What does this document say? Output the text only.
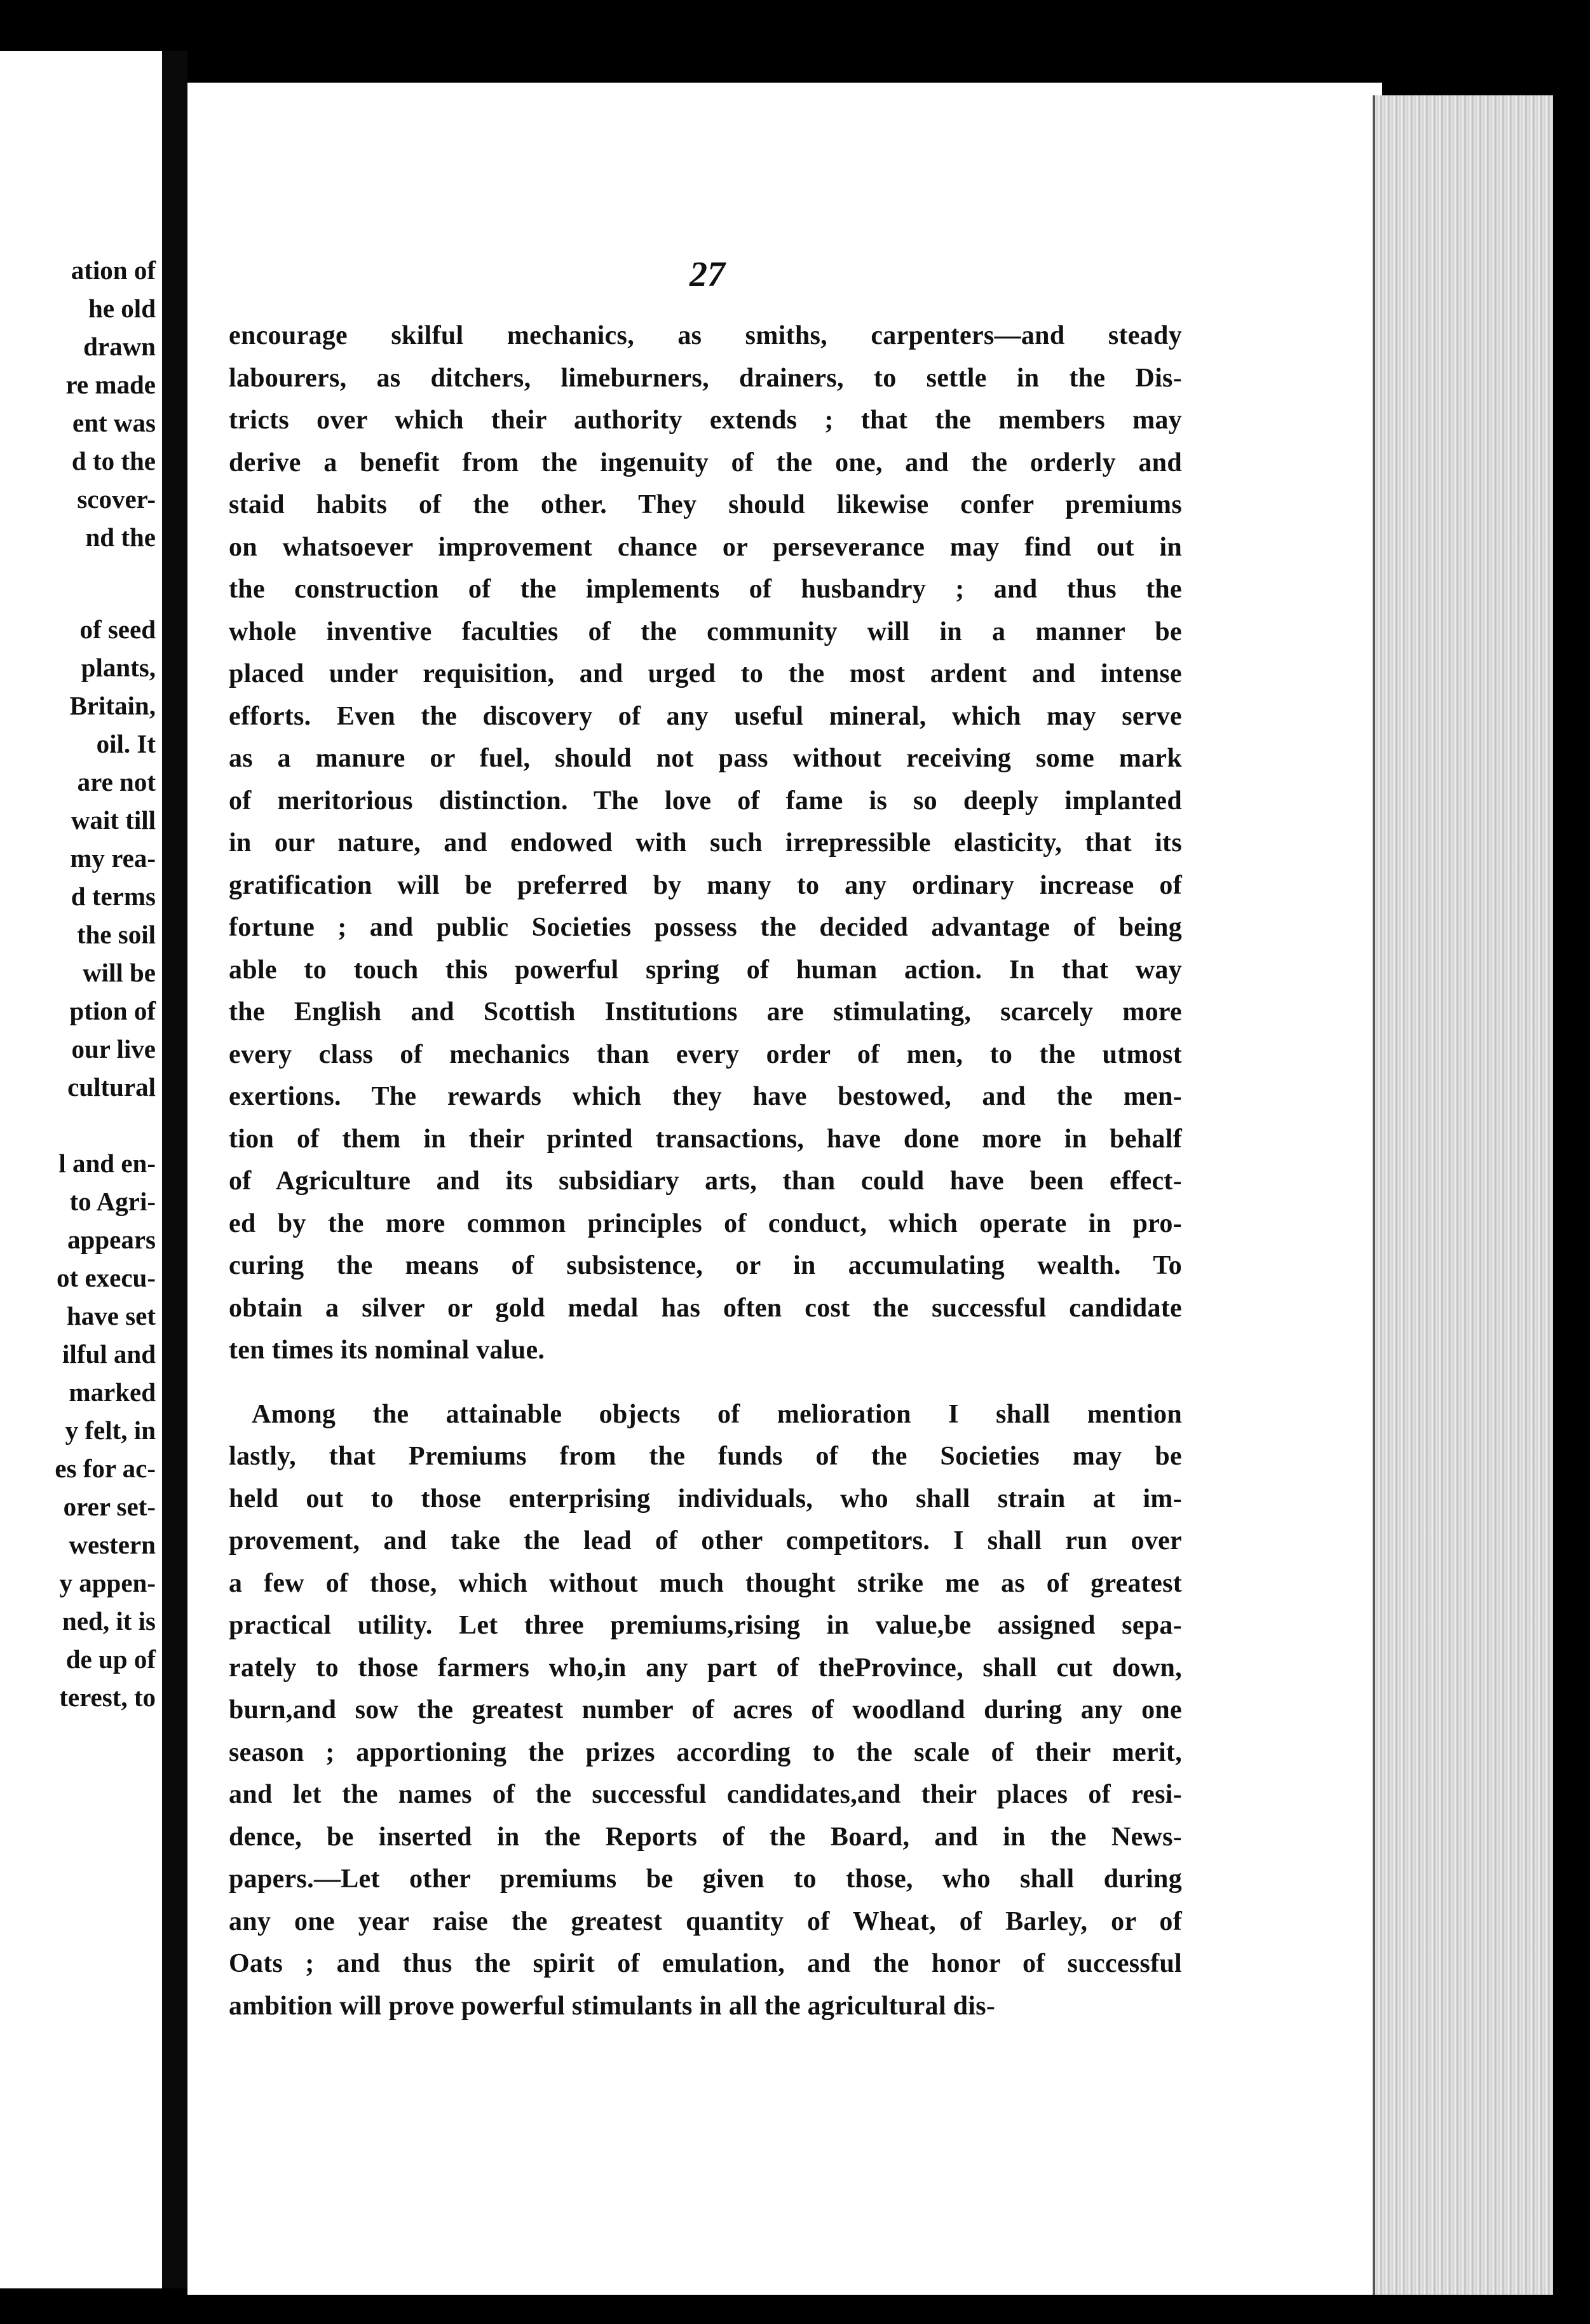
ation of
he old
drawn
re made
ent was
d to the
scover-
nd the
of seed
plants,
Britain,
oil. It
are not
wait till
my rea-
d terms
the soil
will be
ption of
our live
cultural
l and en-
to Agri-
appears
ot execu-
have set
ilful and
marked
y felt, in
es for ac-
orer set-
western
y appen-
ned, it is
de up of
terest, to
27

encourage skilful mechanics, as smiths, carpenters—and steady
labourers, as ditchers, limeburners, drainers, to settle in the Dis-
tricts over which their authority extends ; that the members may
derive a benefit from the ingenuity of the one, and the orderly and
staid habits of the other. They should likewise confer premiums
on whatsoever improvement chance or perseverance may find out in
the construction of the implements of husbandry ; and thus the
whole inventive faculties of the community will in a manner be
placed under requisition, and urged to the most ardent and intense
efforts. Even the discovery of any useful mineral, which may serve
as a manure or fuel, should not pass without receiving some mark
of meritorious distinction. The love of fame is so deeply implanted
in our nature, and endowed with such irrepressible elasticity, that its
gratification will be preferred by many to any ordinary increase of
fortune ; and public Societies possess the decided advantage of being
able to touch this powerful spring of human action. In that way
the English and Scottish Institutions are stimulating, scarcely more
every class of mechanics than every order of men, to the utmost
exertions. The rewards which they have bestowed, and the men-
tion of them in their printed transactions, have done more in behalf
of Agriculture and its subsidiary arts, than could have been effect-
ed by the more common principles of conduct, which operate in pro-
curing the means of subsistence, or in accumulating wealth. To
obtain a silver or gold medal has often cost the successful candidate
ten times its nominal value.

Among the attainable objects of melioration I shall mention
lastly, that Premiums from the funds of the Societies may be
held out to those enterprising individuals, who shall strain at im-
provement, and take the lead of other competitors. I shall run over
a few of those, which without much thought strike me as of greatest
practical utility. Let three premiums,rising in value,be assigned sepa-
rately to those farmers who,in any part of theProvince, shall cut down,
burn,and sow the greatest number of acres of woodland during any one
season ; apportioning the prizes according to the scale of their merit,
and let the names of the successful candidates,and their places of resi-
dence, be inserted in the Reports of the Board, and in the News-
papers.—Let other premiums be given to those, who shall during
any one year raise the greatest quantity of Wheat, of Barley, or of
Oats ; and thus the spirit of emulation, and the honor of successful
ambition will prove powerful stimulants in all the agricultural dis-
